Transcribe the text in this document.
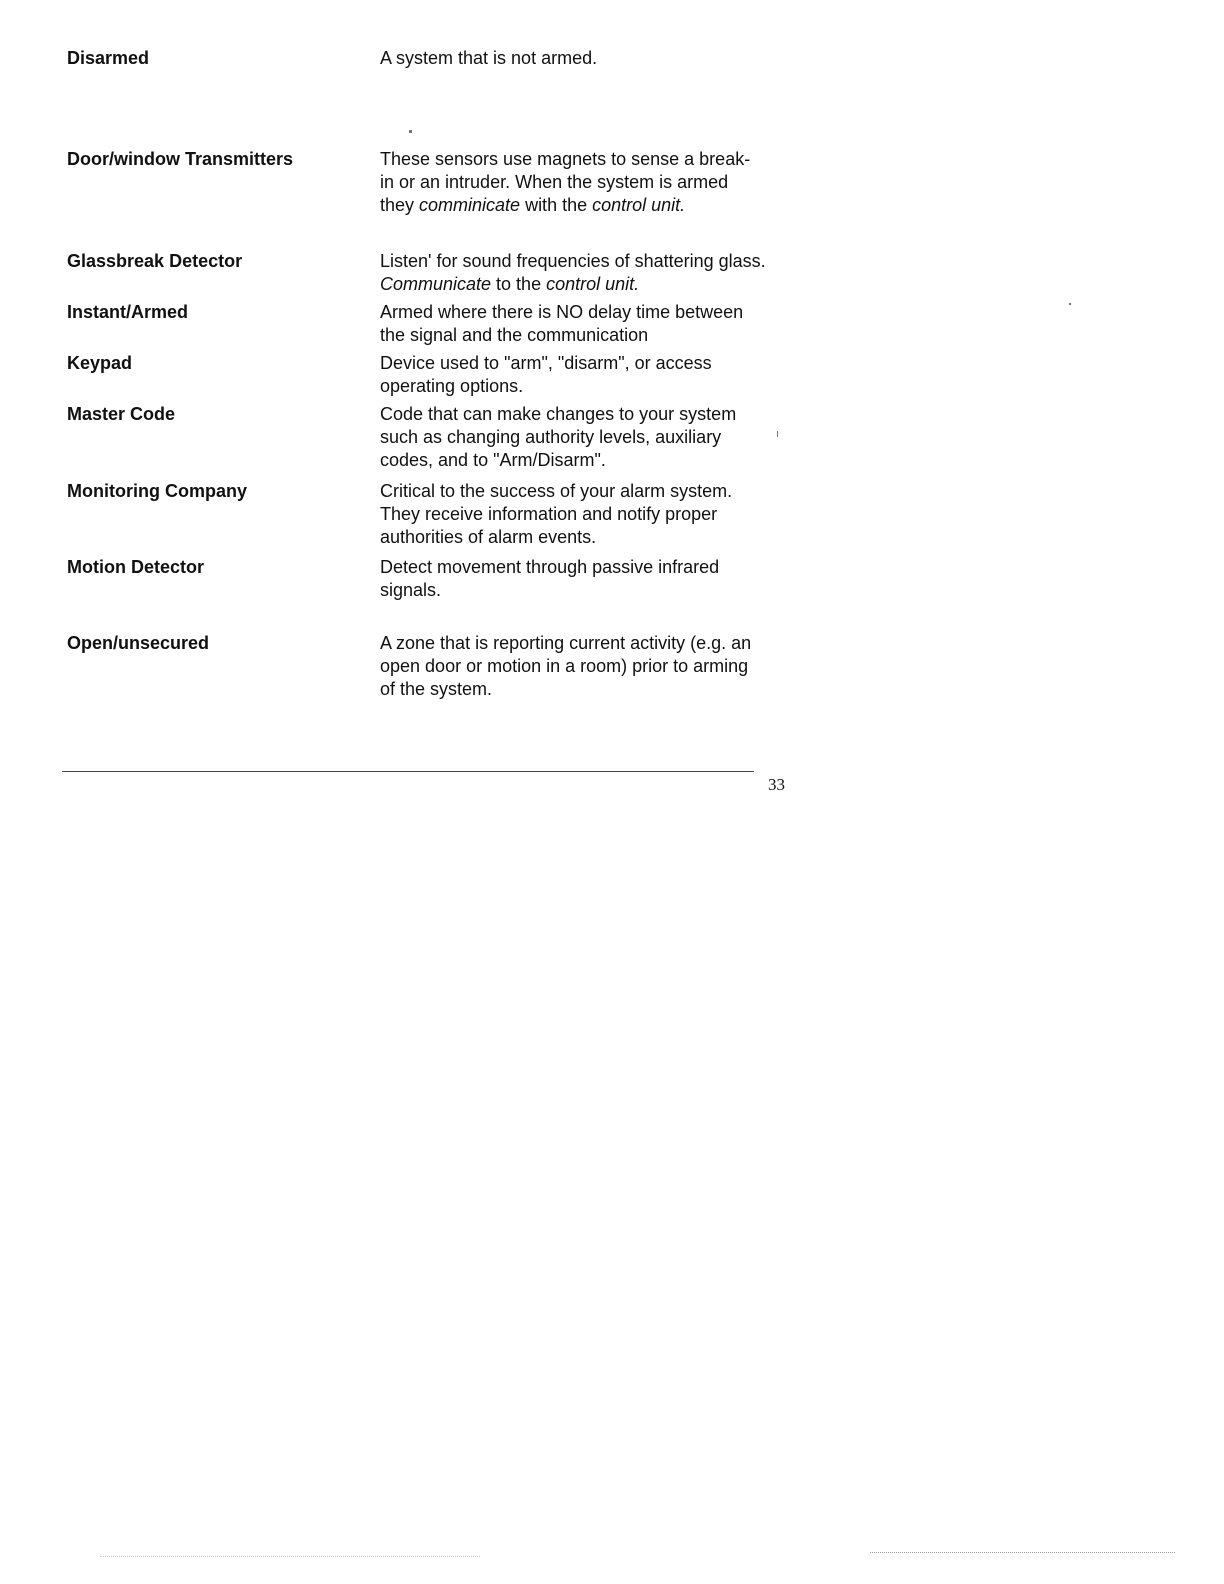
Disarmed	A system that is not armed.
Door/window Transmitters	These sensors use magnets to sense a break-
in or an intruder. When the system is armed
they comminicate with the control unit.
Glassbreak Detector	Listen' for sound frequencies of shattering glass.
Communicate to the control unit.
Instant/Armed	Armed where there is NO delay time between
the signal and the communication
Keypad	Device used to "arm", "disarm", or access
operating options.
Master Code	Code that can make changes to your system
such as changing authority levels, auxiliary
codes, and to "Arm/Disarm".
Monitoring Company	Critical to the success of your alarm system.
They receive information and notify proper
authorities of alarm events.
Motion Detector	Detect movement through passive infrared
signals.
Open/unsecured	A zone that is reporting current activity (e.g. an
open door or motion in a room) prior to arming
of the system.
33
